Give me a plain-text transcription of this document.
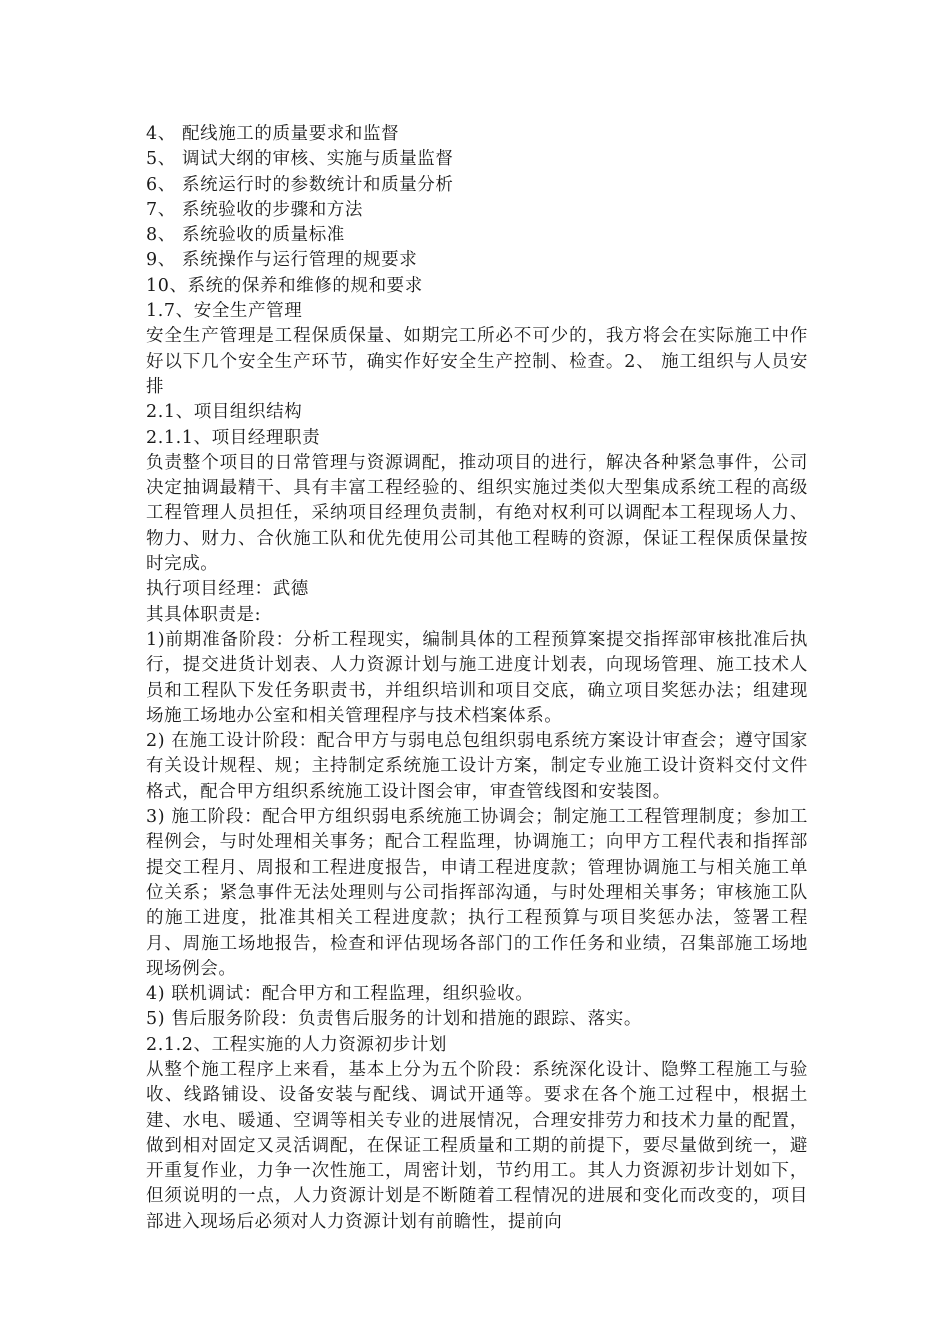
4、 配线施工的质量要求和监督

5、 调试大纲的审核、实施与质量监督

6、 系统运行时的参数统计和质量分析

7、 系统验收的步骤和方法

8、 系统验收的质量标准

9、 系统操作与运行管理的规要求

10、系统的保养和维修的规和要求

1.7、安全生产管理

安全生产管理是工程保质保量、如期完工所必不可少的，我方将会在实际施工中作好以下几个安全生产环节，确实作好安全生产控制、检查。2、 施工组织与人员安排

2.1、项目组织结构

2.1.1、项目经理职责

负责整个项目的日常管理与资源调配，推动项目的进行，解决各种紧急事件，公司决定抽调最精干、具有丰富工程经验的、组织实施过类似大型集成系统工程的高级工程管理人员担任，采纳项目经理负责制，有绝对权利可以调配本工程现场人力、物力、财力、合伙施工队和优先使用公司其他工程畴的资源，保证工程保质保量按时完成。

执行项目经理：武德

其具体职责是:

1)前期准备阶段：分析工程现实，编制具体的工程预算案提交指挥部审核批准后执行，提交进货计划表、人力资源计划与施工进度计划表，向现场管理、施工技术人员和工程队下发任务职责书，并组织培训和项目交底，确立项目奖惩办法；组建现场施工场地办公室和相关管理程序与技术档案体系。

2) 在施工设计阶段：配合甲方与弱电总包组织弱电系统方案设计审查会；遵守国家有关设计规程、规；主持制定系统施工设计方案，制定专业施工设计资料交付文件格式，配合甲方组织系统施工设计图会审，审查管线图和安装图。

3) 施工阶段：配合甲方组织弱电系统施工协调会；制定施工工程管理制度；参加工程例会，与时处理相关事务；配合工程监理，协调施工；向甲方工程代表和指挥部提交工程月、周报和工程进度报告，申请工程进度款；管理协调施工与相关施工单位关系；紧急事件无法处理则与公司指挥部沟通，与时处理相关事务；审核施工队的施工进度，批准其相关工程进度款；执行工程预算与项目奖惩办法，签署工程月、周施工场地报告，检查和评估现场各部门的工作任务和业绩，召集部施工场地现场例会。

4) 联机调试：配合甲方和工程监理，组织验收。

5) 售后服务阶段：负责售后服务的计划和措施的跟踪、落实。

2.1.2、工程实施的人力资源初步计划

从整个施工程序上来看，基本上分为五个阶段：系统深化设计、隐弊工程施工与验收、线路铺设、设备安装与配线、调试开通等。要求在各个施工过程中，根据土建、水电、暖通、空调等相关专业的进展情况，合理安排劳力和技术力量的配置，做到相对固定又灵活调配，在保证工程质量和工期的前提下，要尽量做到统一，避开重复作业，力争一次性施工，周密计划，节约用工。其人力资源初步计划如下，但须说明的一点，人力资源计划是不断随着工程情况的进展和变化而改变的，项目部进入现场后必须对人力资源计划有前瞻性，提前向
